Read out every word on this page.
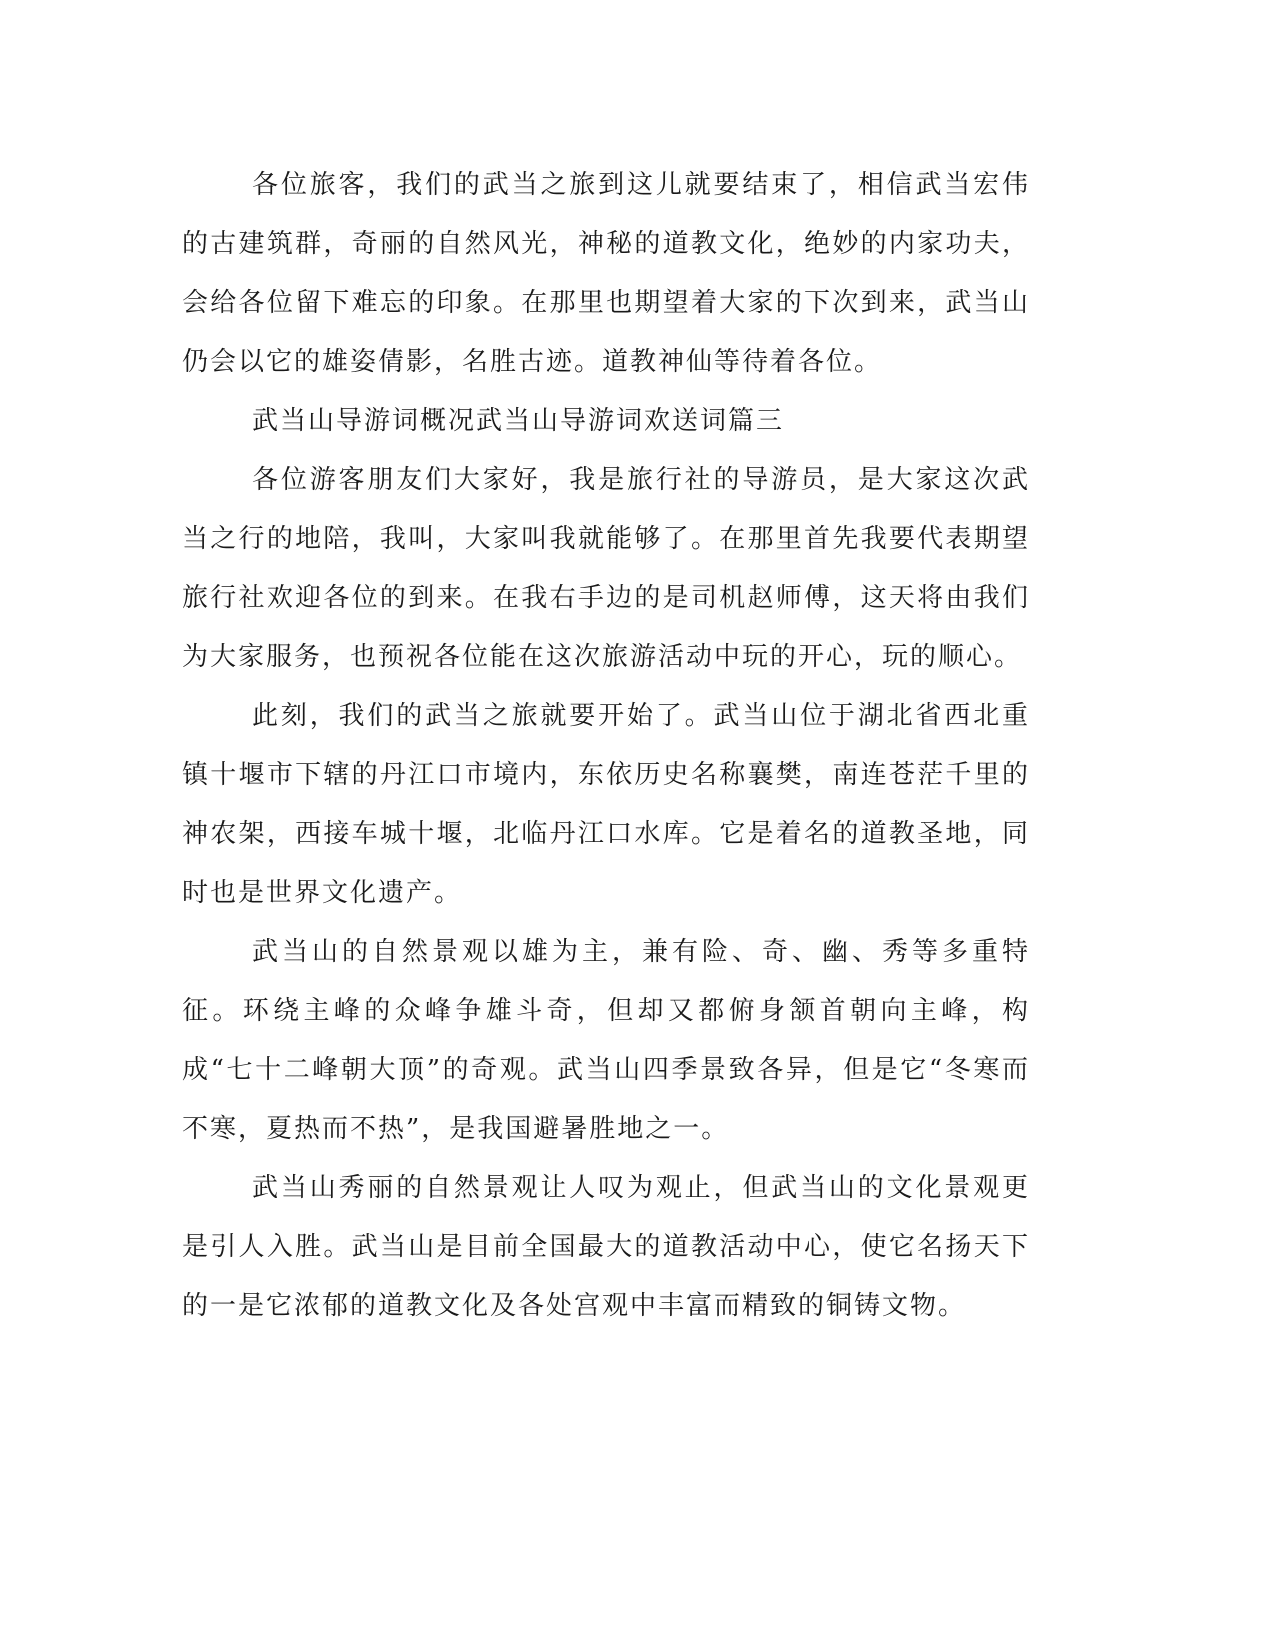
各位旅客，我们的武当之旅到这儿就要结束了，相信武当宏伟的古建筑群，奇丽的自然风光，神秘的道教文化，绝妙的内家功夫，会给各位留下难忘的印象。在那里也期望着大家的下次到来，武当山仍会以它的雄姿倩影，名胜古迹。道教神仙等待着各位。

武当山导游词概况武当山导游词欢送词篇三

各位游客朋友们大家好，我是旅行社的导游员，是大家这次武当之行的地陪，我叫，大家叫我就能够了。在那里首先我要代表期望旅行社欢迎各位的到来。在我右手边的是司机赵师傅，这天将由我们为大家服务，也预祝各位能在这次旅游活动中玩的开心，玩的顺心。

此刻，我们的武当之旅就要开始了。武当山位于湖北省西北重镇十堰市下辖的丹江口市境内，东依历史名称襄樊，南连苍茫千里的神农架，西接车城十堰，北临丹江口水库。它是着名的道教圣地，同时也是世界文化遗产。

武当山的自然景观以雄为主，兼有险、奇、幽、秀等多重特征。环绕主峰的众峰争雄斗奇，但却又都俯身颔首朝向主峰，构成“七十二峰朝大顶”的奇观。武当山四季景致各异，但是它“冬寒而不寒，夏热而不热”，是我国避暑胜地之一。

武当山秀丽的自然景观让人叹为观止，但武当山的文化景观更是引人入胜。武当山是目前全国最大的道教活动中心，使它名扬天下的一是它浓郁的道教文化及各处宫观中丰富而精致的铜铸文物。
